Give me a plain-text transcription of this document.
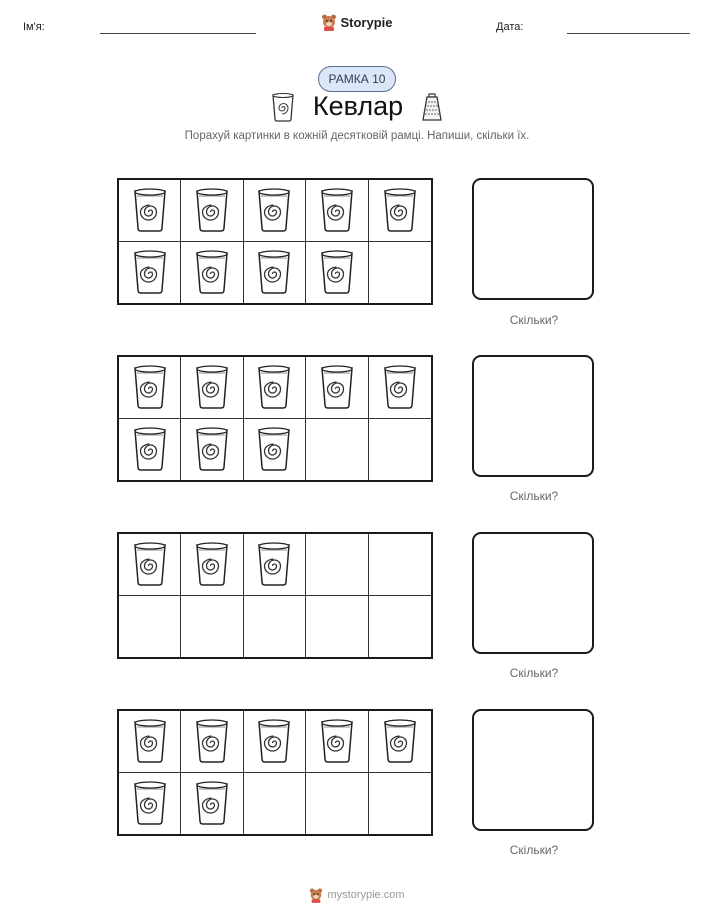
Ім'я:	Storypie	Дата:
РАМКА 10
Кевлар
Порахуй картинки в кожній десятковій рамці. Напиши, скільки їх.
Скільки?
Скільки?
Скільки?
Скільки?
mystorypie.com
